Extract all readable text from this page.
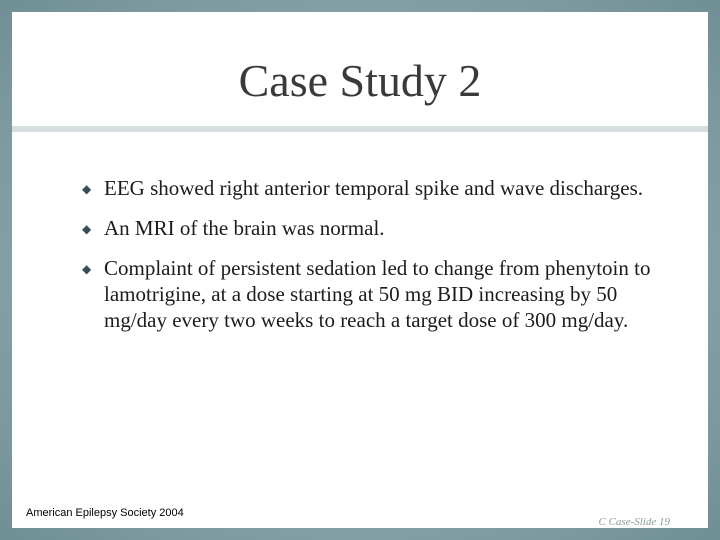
Case Study 2
◆ EEG showed right anterior temporal spike and wave discharges.
◆ An MRI of the brain was normal.
◆ Complaint of persistent sedation led to change from phenytoin to lamotrigine, at a dose starting at 50 mg BID increasing by 50 mg/day every two weeks to reach a target dose of 300 mg/day.
C Case-Slide 19
American Epilepsy Society 2004
